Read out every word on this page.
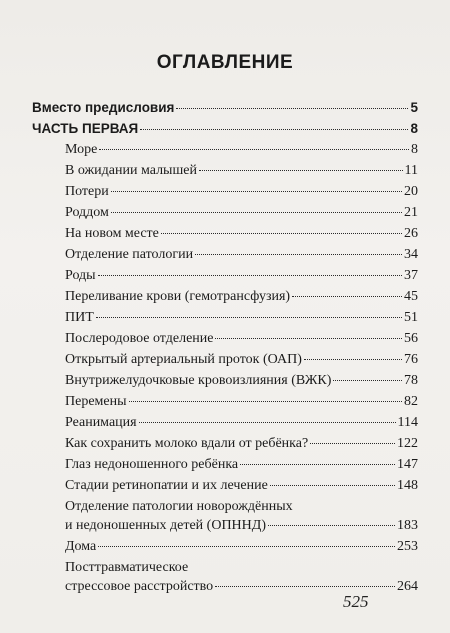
ОГЛАВЛЕНИЕ
Вместо предисловия	5
ЧАСТЬ ПЕРВАЯ	8
Море	8
В ожидании малышей	11
Потери	20
Роддом	21
На новом месте	26
Отделение патологии	34
Роды	37
Переливание крови (гемотрансфузия)	45
ПИТ	51
Послеродовое отделение	56
Открытый артериальный проток (ОАП)	76
Внутрижелудочковые кровоизлияния (ВЖК)	78
Перемены	82
Реанимация	114
Как сохранить молоко вдали от ребёнка?	122
Глаз недоношенного ребёнка	147
Стадии ретинопатии и их лечение	148
Отделение патологии новорождённых
и недоношенных детей (ОПННД)	183
Дома	253
Посттравматическое
стрессовое расстройство	264
525
